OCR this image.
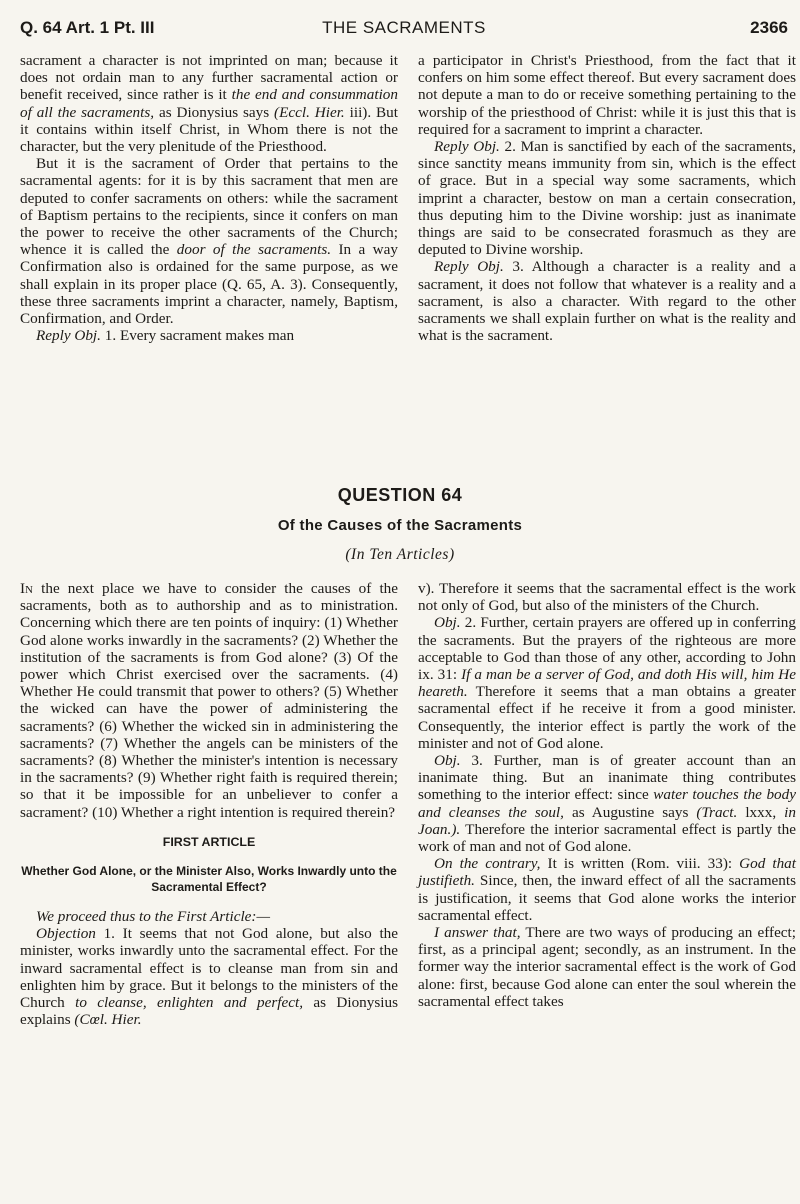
Q. 64 Art. 1 Pt. III	THE SACRAMENTS	2366

sacrament a character is not imprinted on man; because it does not ordain man to any further sacramental action or benefit received, since rather is it the end and consummation of all the sacraments, as Dionysius says (Eccl. Hier. iii). But it contains within itself Christ, in Whom there is not the character, but the very plenitude of the Priesthood.

But it is the sacrament of Order that pertains to the sacramental agents: for it is by this sacrament that men are deputed to confer sacraments on others: while the sacrament of Baptism pertains to the recipients, since it confers on man the power to receive the other sacraments of the Church; whence it is called the door of the sacraments. In a way Confirmation also is ordained for the same purpose, as we shall explain in its proper place (Q. 65, A. 3). Consequently, these three sacraments imprint a character, namely, Baptism, Confirmation, and Order.

Reply Obj. 1. Every sacrament makes man

a participator in Christ's Priesthood, from the fact that it confers on him some effect thereof. But every sacrament does not depute a man to do or receive something pertaining to the worship of the priesthood of Christ: while it is just this that is required for a sacrament to imprint a character.

Reply Obj. 2. Man is sanctified by each of the sacraments, since sanctity means immunity from sin, which is the effect of grace. But in a special way some sacraments, which imprint a character, bestow on man a certain consecration, thus deputing him to the Divine worship: just as inanimate things are said to be consecrated forasmuch as they are deputed to Divine worship.

Reply Obj. 3. Although a character is a reality and a sacrament, it does not follow that whatever is a reality and a sacrament, is also a character. With regard to the other sacraments we shall explain further on what is the reality and what is the sacrament.

QUESTION 64
Of the Causes of the Sacraments
(In Ten Articles)

In the next place we have to consider the causes of the sacraments, both as to authorship and as to ministration. Concerning which there are ten points of inquiry: (1) Whether God alone works inwardly in the sacraments? (2) Whether the institution of the sacraments is from God alone? (3) Of the power which Christ exercised over the sacraments. (4) Whether He could transmit that power to others? (5) Whether the wicked can have the power of administering the sacraments? (6) Whether the wicked sin in administering the sacraments? (7) Whether the angels can be ministers of the sacraments? (8) Whether the minister's intention is necessary in the sacraments? (9) Whether right faith is required therein; so that it be impossible for an unbeliever to confer a sacrament? (10) Whether a right intention is required therein?

FIRST ARTICLE
Whether God Alone, or the Minister Also, Works Inwardly unto the Sacramental Effect?

We proceed thus to the First Article:—

Objection 1. It seems that not God alone, but also the minister, works inwardly unto the sacramental effect. For the inward sacramental effect is to cleanse man from sin and enlighten him by grace. But it belongs to the ministers of the Church to cleanse, enlighten and perfect, as Dionysius explains (Cœl. Hier.

v). Therefore it seems that the sacramental effect is the work not only of God, but also of the ministers of the Church.

Obj. 2. Further, certain prayers are offered up in conferring the sacraments. But the prayers of the righteous are more acceptable to God than those of any other, according to John ix. 31: If a man be a server of God, and doth His will, him He heareth. Therefore it seems that a man obtains a greater sacramental effect if he receive it from a good minister. Consequently, the interior effect is partly the work of the minister and not of God alone.

Obj. 3. Further, man is of greater account than an inanimate thing. But an inanimate thing contributes something to the interior effect: since water touches the body and cleanses the soul, as Augustine says (Tract. lxxx, in Joan.). Therefore the interior sacramental effect is partly the work of man and not of God alone.

On the contrary, It is written (Rom. viii. 33): God that justifieth. Since, then, the inward effect of all the sacraments is justification, it seems that God alone works the interior sacramental effect.

I answer that, There are two ways of producing an effect; first, as a principal agent; secondly, as an instrument. In the former way the interior sacramental effect is the work of God alone: first, because God alone can enter the soul wherein the sacramental effect takes
